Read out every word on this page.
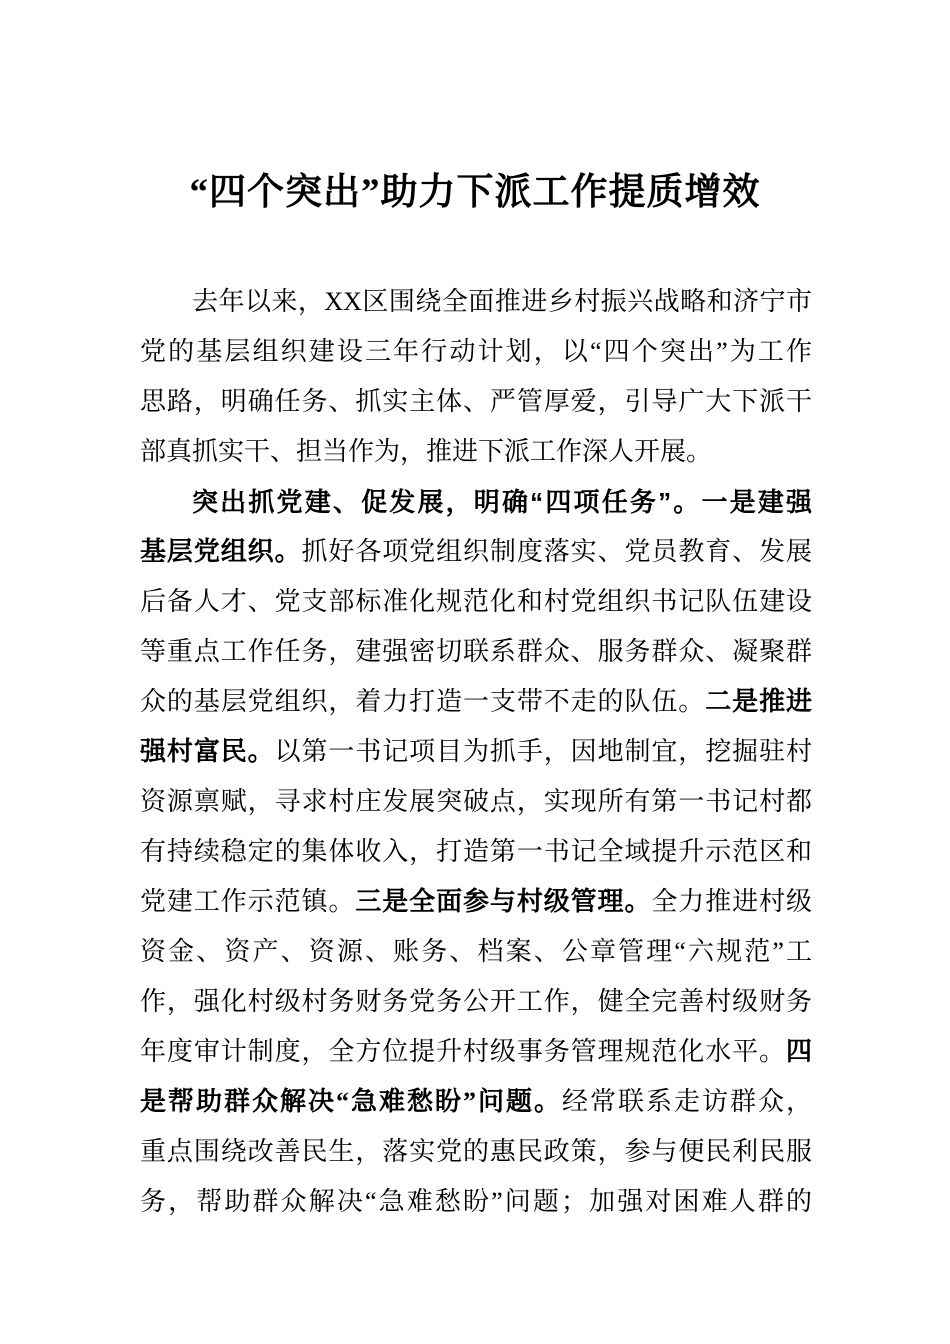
“四个突出”助力下派工作提质增效
去年以来，XX区围绕全面推进乡村振兴战略和济宁市
党的基层组织建设三年行动计划，以“四个突出”为工作
思路，明确任务、抓实主体、严管厚爱，引导广大下派干
部真抓实干、担当作为，推进下派工作深人开展。
突出抓党建、促发展，明确“四项任务”。一是建强
基层党组织。抓好各项党组织制度落实、党员教育、发展
后备人才、党支部标准化规范化和村党组织书记队伍建设
等重点工作任务，建强密切联系群众、服务群众、凝聚群
众的基层党组织，着力打造一支带不走的队伍。二是推进
强村富民。以第一书记项目为抓手，因地制宜，挖掘驻村
资源禀赋，寻求村庄发展突破点，实现所有第一书记村都
有持续稳定的集体收入，打造第一书记全域提升示范区和
党建工作示范镇。三是全面参与村级管理。全力推进村级
资金、资产、资源、账务、档案、公章管理“六规范”工
作，强化村级村务财务党务公开工作，健全完善村级财务
年度审计制度，全方位提升村级事务管理规范化水平。四
是帮助群众解决“急难愁盼”问题。经常联系走访群众，
重点围绕改善民生，落实党的惠民政策，参与便民利民服
务，帮助群众解决“急难愁盼”问题；加强对困难人群的
